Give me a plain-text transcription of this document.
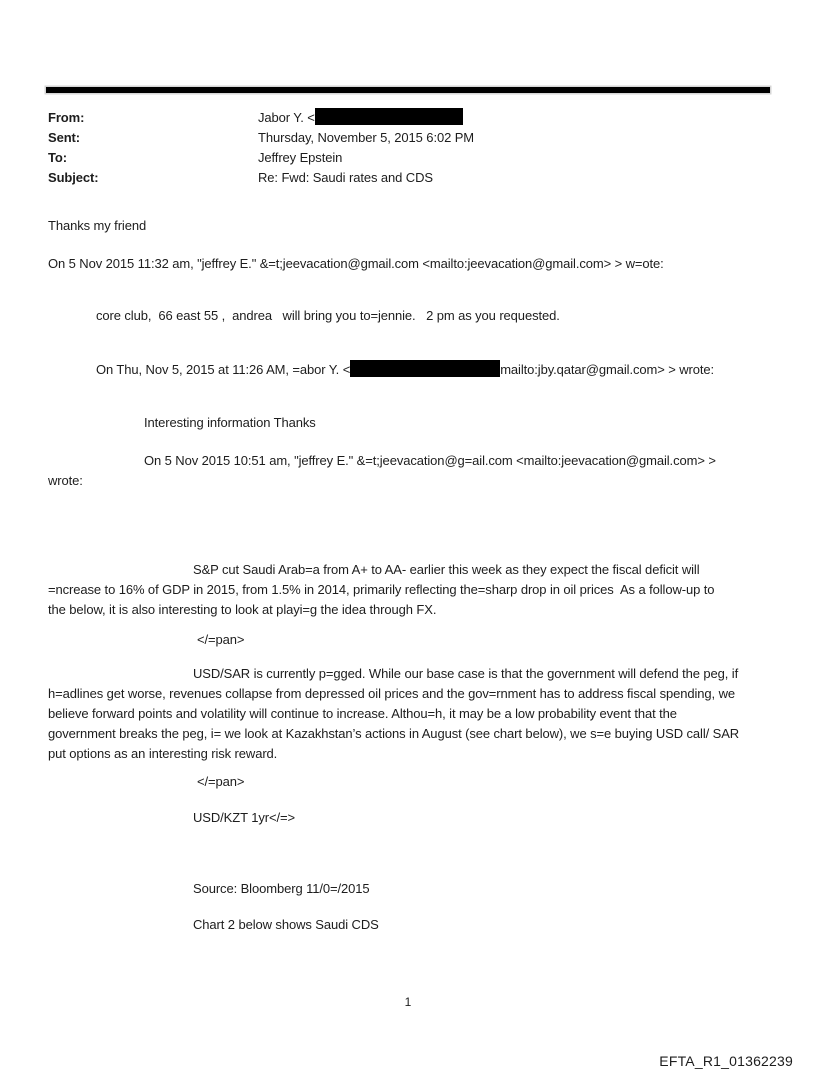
From:	Jabor Y. <
Sent:	Thursday, November 5, 2015 6:02 PM
To:	Jeffrey Epstein
Subject:	Re: Fwd: Saudi rates and CDS
Thanks my friend
On 5 Nov 2015 11:32 am, "jeffrey E." &=t;jeevacation@gmail.com <mailto:jeevacation@gmail.com> > w=ote:
core club,  66 east 55 ,  andrea   will bring you to=jennie.   2 pm as you requested.
On Thu, Nov 5, 2015 at 11:26 AM, =abor Y. <	mailto:jby.qatar@gmail.com> > wrote:
Interesting information Thanks
On 5 Nov 2015 10:51 am, "jeffrey E." &=t;jeevacation@g=ail.com <mailto:jeevacation@gmail.com> >
wrote:
S&P cut Saudi Arab=a from A+ to AA- earlier this week as they expect the fiscal deficit will
=ncrease to 16% of GDP in 2015, from 1.5% in 2014, primarily reflecting the=sharp drop in oil prices  As a follow-up to
the below, it is also interesting to look at playi=g the idea through FX.
</=pan>
USD/SAR is currently p=gged. While our base case is that the government will defend the peg, if
h=adlines get worse, revenues collapse from depressed oil prices and the gov=rnment has to address fiscal spending, we
believe forward points and volatility will continue to increase. Althou=h, it may be a low probability event that the
government breaks the peg, i= we look at Kazakhstan’s actions in August (see chart below), we s=e buying USD call/ SAR
put options as an interesting risk reward.
</=pan>
USD/KZT 1yr</=>
Source: Bloomberg 11/0=/2015
Chart 2 below shows Saudi CDS
1
EFTA_R1_01362239
